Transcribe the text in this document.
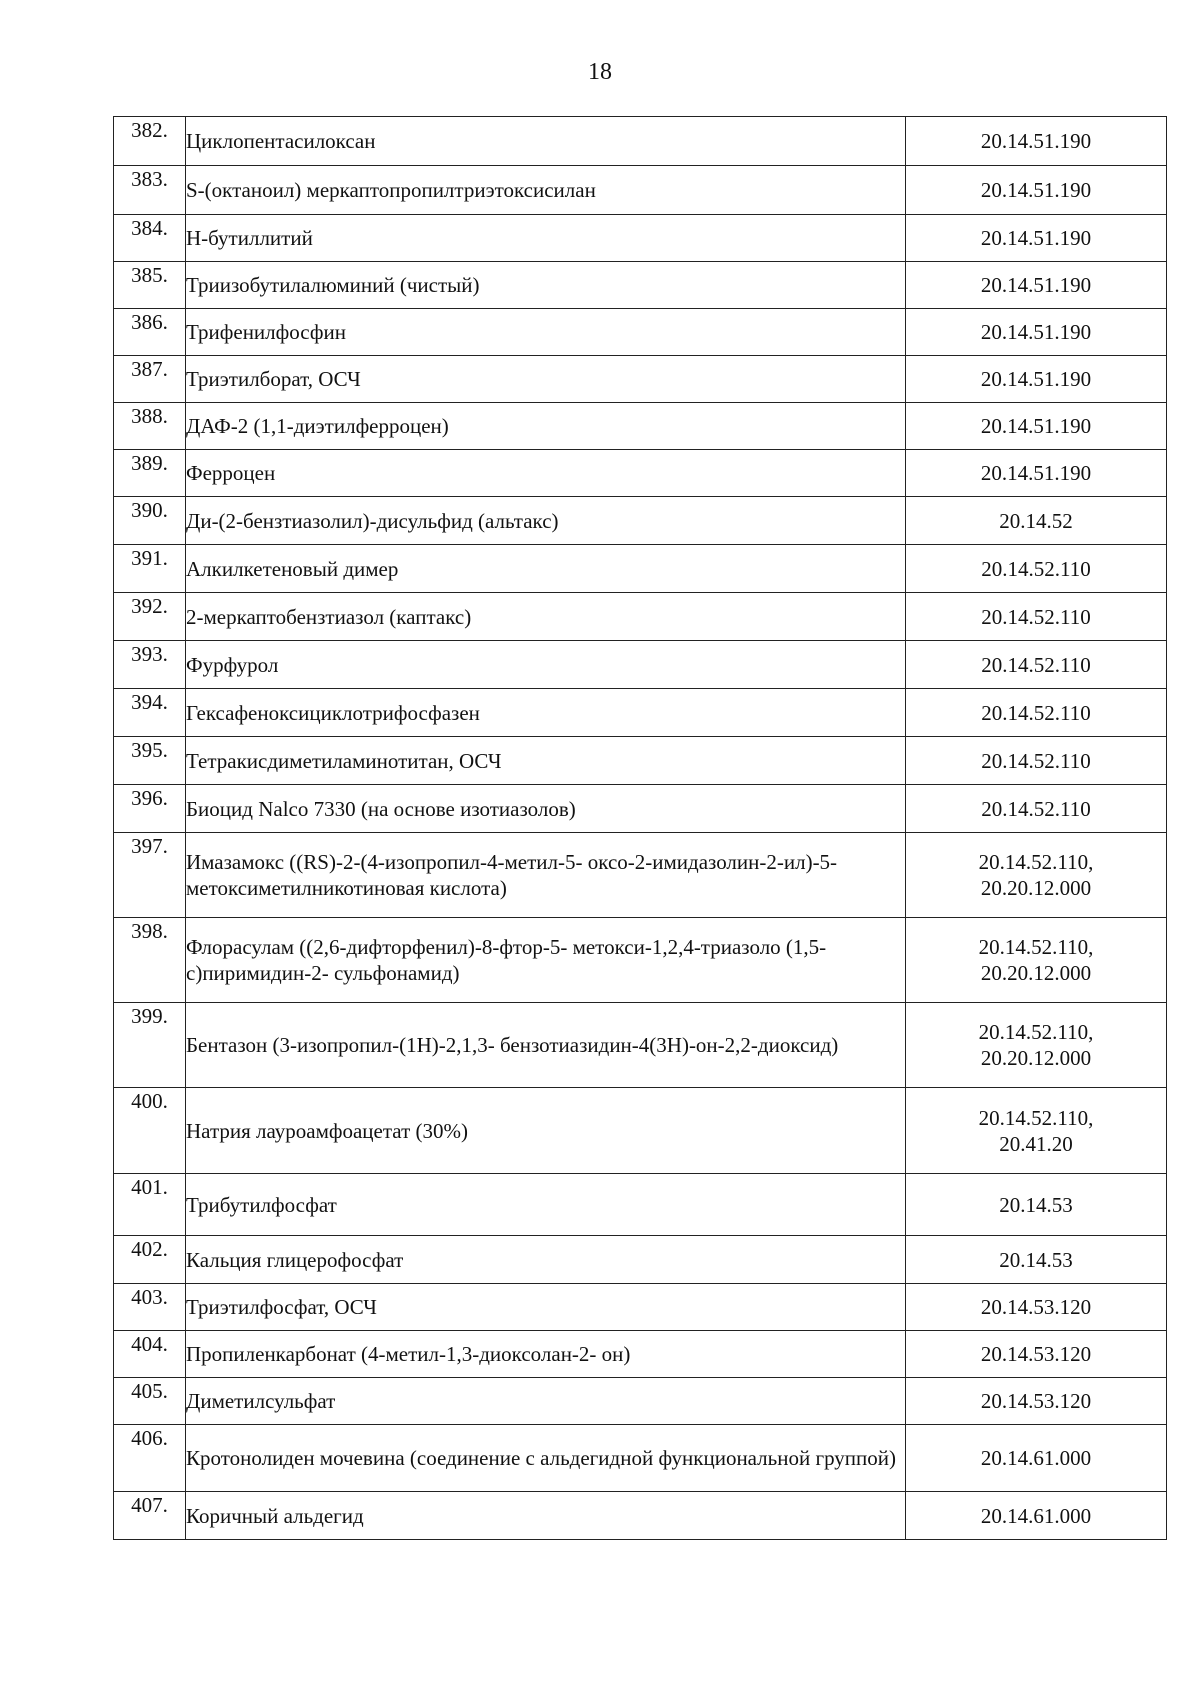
18
382.	Циклопентасилоксан	20.14.51.190

383.	S-(октаноил) меркаптопропилтриэтоксисилан	20.14.51.190

384.	Н-бутиллитий	20.14.51.190

385.	Триизобутилалюминий (чистый)	20.14.51.190

386.	Трифенилфосфин	20.14.51.190

387.	Триэтилборат, ОСЧ	20.14.51.190

388.	ДАФ-2 (1,1-диэтилферроцен)	20.14.51.190

389.	Ферроцен	20.14.51.190

390.	Ди-(2-бензтиазолил)-дисульфид (альтакс)	20.14.52

391.	Алкилкетеновый димер	20.14.52.110

392.	2-меркаптобензтиазол (каптакс)	20.14.52.110

393.	Фурфурол	20.14.52.110

394.	Гексафеноксициклотрифосфазен	20.14.52.110

395.	Тетракисдиметиламинотитан, ОСЧ	20.14.52.110

396.	Биоцид Nalco 7330 (на основе изотиазолов)	20.14.52.110

397.	Имазамокс ((RS)-2-(4-изопропил-4-метил-5- оксо-2-имидазолин-2-ил)-5-метоксиметилникотиновая кислота)	20.14.52.110,
20.20.12.000

398.	Флорасулам ((2,6-дифторфенил)-8-фтор-5- метокси-1,2,4-триазоло (1,5-с)пиримидин-2- сульфонамид)	20.14.52.110,
20.20.12.000

399.	Бентазон (3-изопропил-(1Н)-2,1,3- бензотиазидин-4(3Н)-он-2,2-диоксид)	20.14.52.110,
20.20.12.000

400.	Натрия лауроамфоацетат (30%)	20.14.52.110,
20.41.20

401.	Трибутилфосфат	20.14.53

402.	Кальция глицерофосфат	20.14.53

403.	Триэтилфосфат, ОСЧ	20.14.53.120

404.	Пропиленкарбонат (4-метил-1,3-диоксолан-2- он)	20.14.53.120

405.	Диметилсульфат	20.14.53.120

406.	Кротонолиден мочевина (соединение с альдегидной функциональной группой)	20.14.61.000

407.	Коричный альдегид	20.14.61.000
